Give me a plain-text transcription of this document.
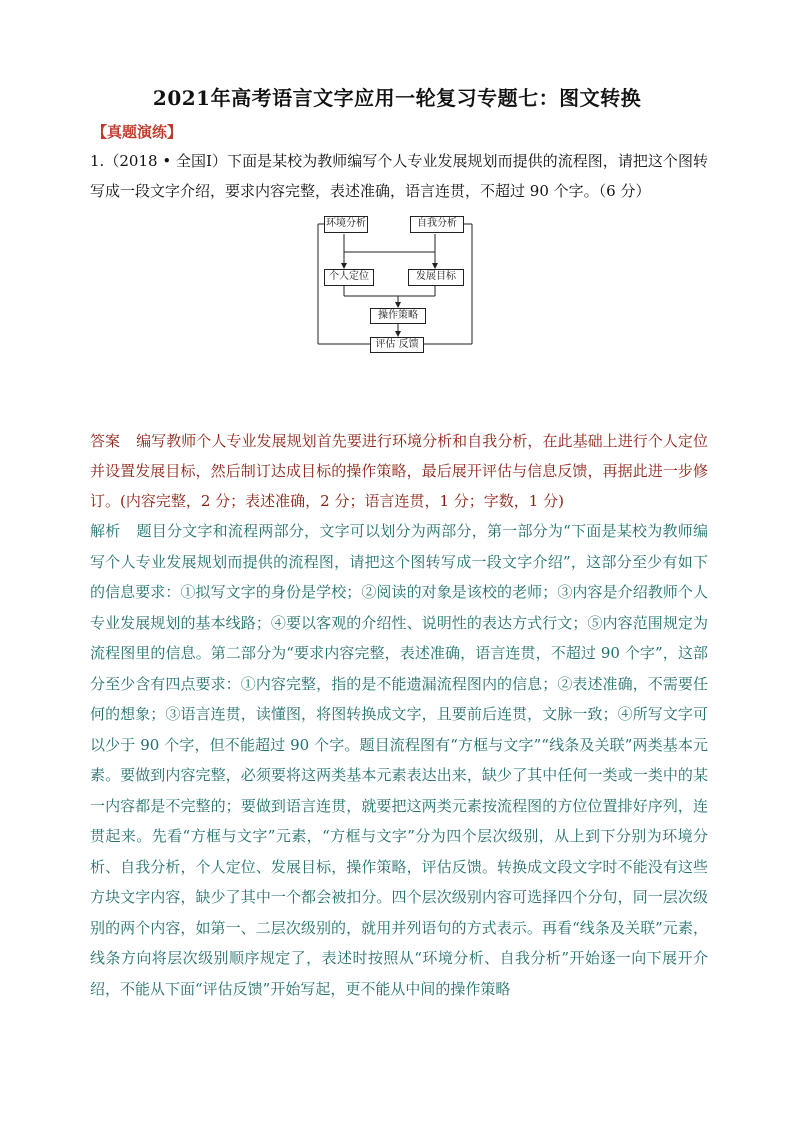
2021年高考语言文字应用一轮复习专题七：图文转换
【真题演练】
1.（2018 • 全国Ⅰ）下面是某校为教师编写个人专业发展规划而提供的流程图，请把这个图转写成一段文字介绍，要求内容完整，表述准确，语言连贯，不超过 90 个字。（6 分）
环境分析	自我分析
个人定位	发展目标
操作策略
评估 反馈
答案 编写教师个人专业发展规划首先要进行环境分析和自我分析，在此基础上进行个人定位并设置发展目标，然后制订达成目标的操作策略，最后展开评估与信息反馈，再据此进一步修订。(内容完整，2 分；表述准确，2 分；语言连贯，1 分；字数，1 分)
解析 题目分文字和流程两部分，文字可以划分为两部分，第一部分为“下面是某校为教师编写个人专业发展规划而提供的流程图，请把这个图转写成一段文字介绍”，这部分至少有如下的信息要求：①拟写文字的身份是学校；②阅读的对象是该校的老师；③内容是介绍教师个人专业发展规划的基本线路；④要以客观的介绍性、说明性的表达方式行文；⑤内容范围规定为流程图里的信息。第二部分为“要求内容完整，表述准确，语言连贯，不超过 90 个字”，这部分至少含有四点要求：①内容完整，指的是不能遗漏流程图内的信息；②表述准确，不需要任何的想象；③语言连贯，读懂图，将图转换成文字，且要前后连贯，文脉一致；④所写文字可以少于 90 个字，但不能超过 90 个字。题目流程图有“方框与文字”“线条及关联”两类基本元素。要做到内容完整，必须要将这两类基本元素表达出来，缺少了其中任何一类或一类中的某一内容都是不完整的；要做到语言连贯，就要把这两类元素按流程图的方位位置排好序列，连贯起来。先看“方框与文字”元素，“方框与文字”分为四个层次级别，从上到下分别为环境分析、自我分析，个人定位、发展目标，操作策略，评估反馈。转换成文段文字时不能没有这些方块文字内容，缺少了其中一个都会被扣分。四个层次级别内容可选择四个分句，同一层次级别的两个内容，如第一、二层次级别的，就用并列语句的方式表示。再看“线条及关联”元素，线条方向将层次级别顺序规定了，表述时按照从“环境分析、自我分析”开始逐一向下展开介绍，不能从下面“评估反馈”开始写起，更不能从中间的操作策略
